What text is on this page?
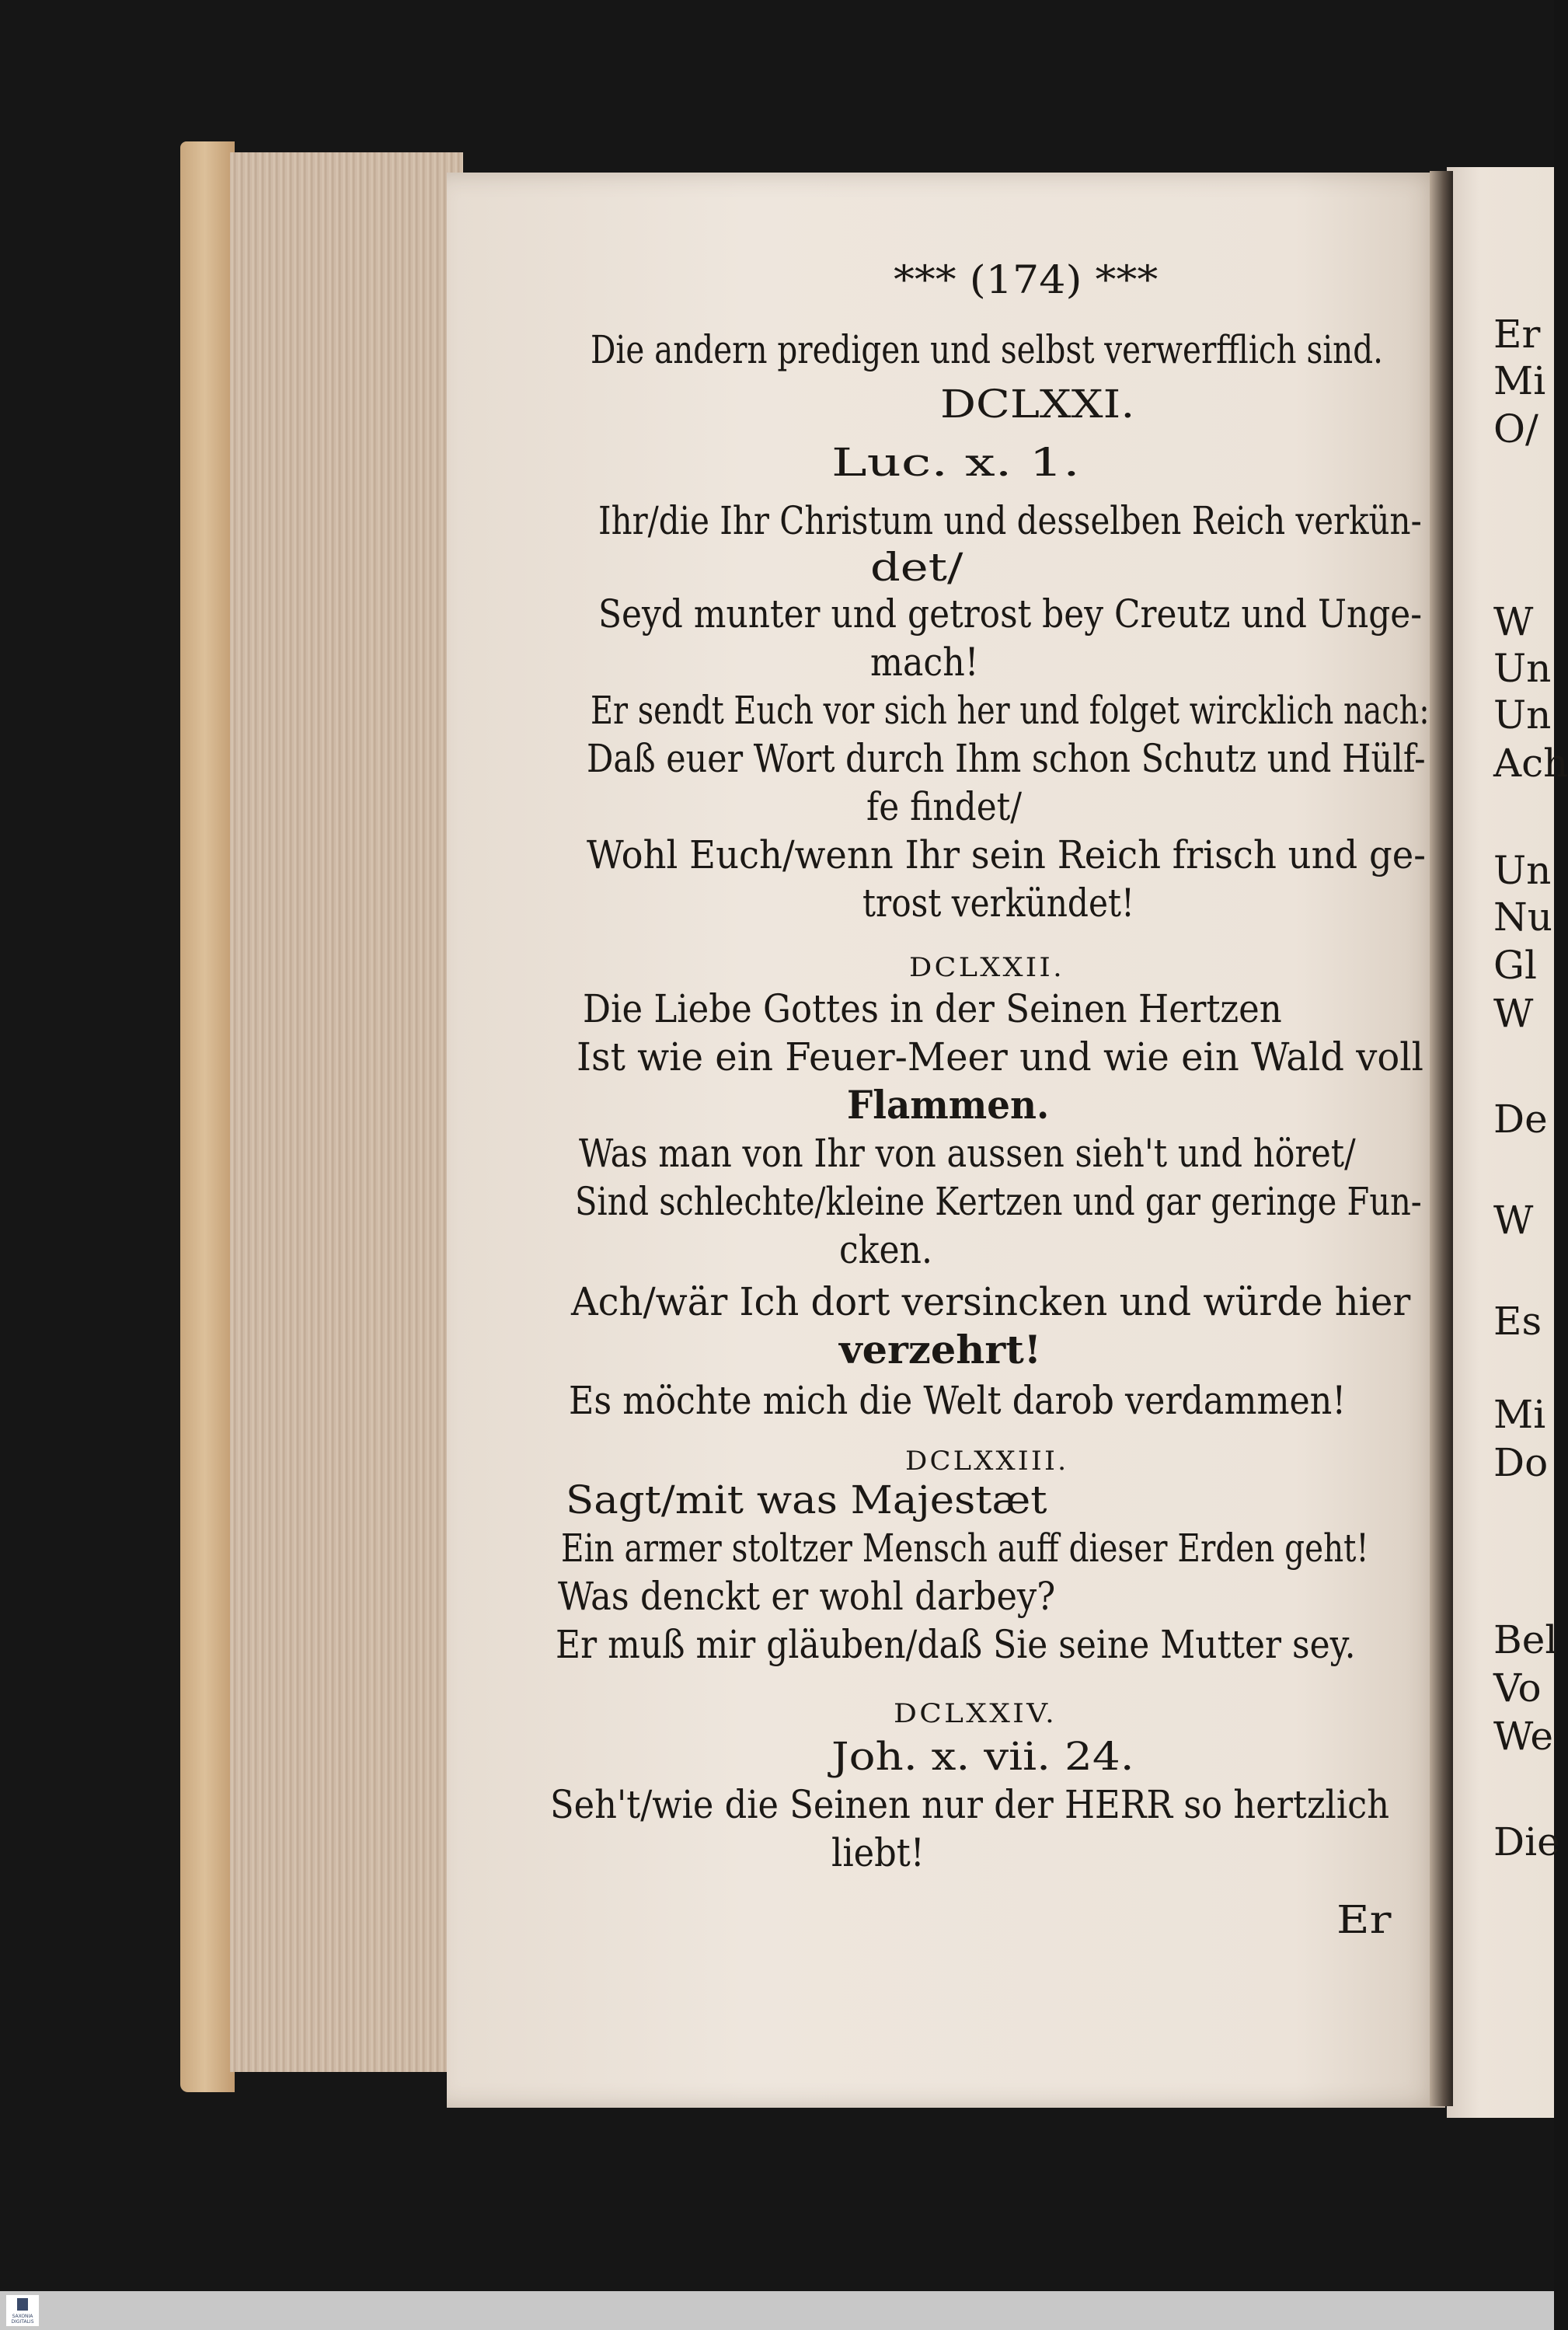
*** (174) ***
Die andern predigen und selbst verwerfflich sind.
DCLXXI.
Luc. x. 1.
Ihr/die Ihr Christum und desselben Reich verkün-
det/
Seyd munter und getrost bey Creutz und Unge-
mach!
Er sendt Euch vor sich her und folget wircklich nach:
Daß euer Wort durch Ihm schon Schutz und Hülf-
fe findet/
Wohl Euch/wenn Ihr sein Reich frisch und ge-
trost verkündet!
DCLXXII.
Die Liebe Gottes in der Seinen Hertzen
Ist wie ein Feuer-Meer und wie ein Wald voll
Flammen.
Was man von Ihr von aussen sieh't und höret/
Sind schlechte/kleine Kertzen und gar geringe Fun-
cken.
Ach/wär Ich dort versincken und würde hier
verzehrt!
Es möchte mich die Welt darob verdammen!
DCLXXIII.
Sagt/mit was Majestæt
Ein armer stoltzer Mensch auff dieser Erden geht!
Was denckt er wohl darbey?
Er muß mir gläuben/daß Sie seine Mutter sey.
DCLXXIV.
Joh. x. vii. 24.
Seh't/wie die Seinen nur der HERR so hertzlich
liebt!
Er
Er
Mi
O/
W
Un
Un
Ach
Un
Nu
Gl
W
De
W
Es
Mi
Do
Bel
Vo
We
Die
SAXONIA DIGITALIS
